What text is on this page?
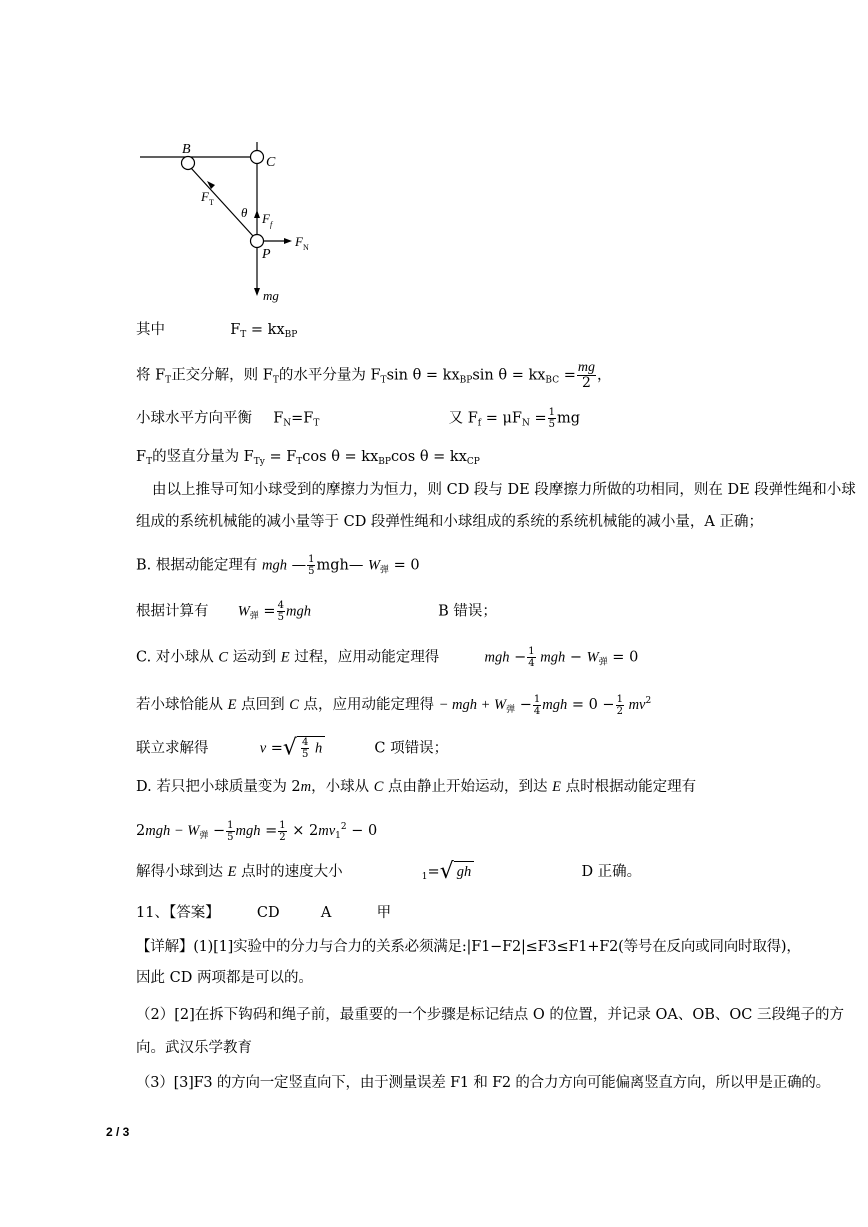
B
C
P
$F_T$
θ $F_f$
$F_N$
mg
其中	$F_T = kx_{BP}$
将 $F_T$正交分解，则 $F_T$的水平分量为 $F_T\sin$ $\theta = kx_{BP}\sin$ $\theta = kx_{BC} = \frac{mg}{2}$ ，
小球水平方向平衡 $F_N=F_T$	又 $F_f = \mu F_N = \frac{1}{5}$ mg
$F_T$的竖直分量为 $F_{Ty} = F_T\cos$ $\theta = kx_{BP}\cos$ $\theta = kx_{CP}$
由以上推导可知小球受到的摩擦力为恒力，则 CD 段与 DE 段摩擦力所做的功相同，则在 DE 段弹性绳和小球
组成的系统机械能的减小量等于 CD 段弹性绳和小球组成的系统的系统机械能的减小量，A 正确；
B. 根据动能定理有 mgh — $\frac{1}{5}$ mgh— $W_弹 = 0$
根据计算有 $W_弹 = \frac{4}{5}$ mgh	B 错误；
C. 对小球从 C 运动到 E 过程，应用动能定理得	mgh − $\frac{1}{4}$ mgh − $W_弹 = 0$
若小球恰能从 E 点回到 C 点，应用动能定理得 − mgh + $W_弹 - \frac{1}{4}$ mgh = $0 - \frac{1}{2} mv^2$
联立求解得	v =√ $\frac{4}{5}$ h	C 项错误；
D. 若只把小球质量变为 2m，小球从 C 点由静止开始运动，到达 E 点时根据动能定理有
$2mgh - W_弹 - \frac{1}{5}$ mgh = $\frac{1}{2} \times 2mv_1^2 - 0$
解得小球到达 E 点时的速度大小	$_1$=√ gh	D 正确。
11、【答案】	CD	A	甲
【详解】(1)[1]实验中的分力与合力的关系必须满足:|F1−F2|≤F3≤F1+F2(等号在反向或同向时取得)，
因此 CD 两项都是可以的。
（2）[2]在拆下钩码和绳子前，最重要的一个步骤是标记结点 O 的位置，并记录 OA、OB、OC 三段绳子的方
向。武汉乐学教育
（3）[3]F3 的方向一定竖直向下，由于测量误差 F1 和 F2 的合力方向可能偏离竖直方向，所以甲是正确的。
2 / 3
